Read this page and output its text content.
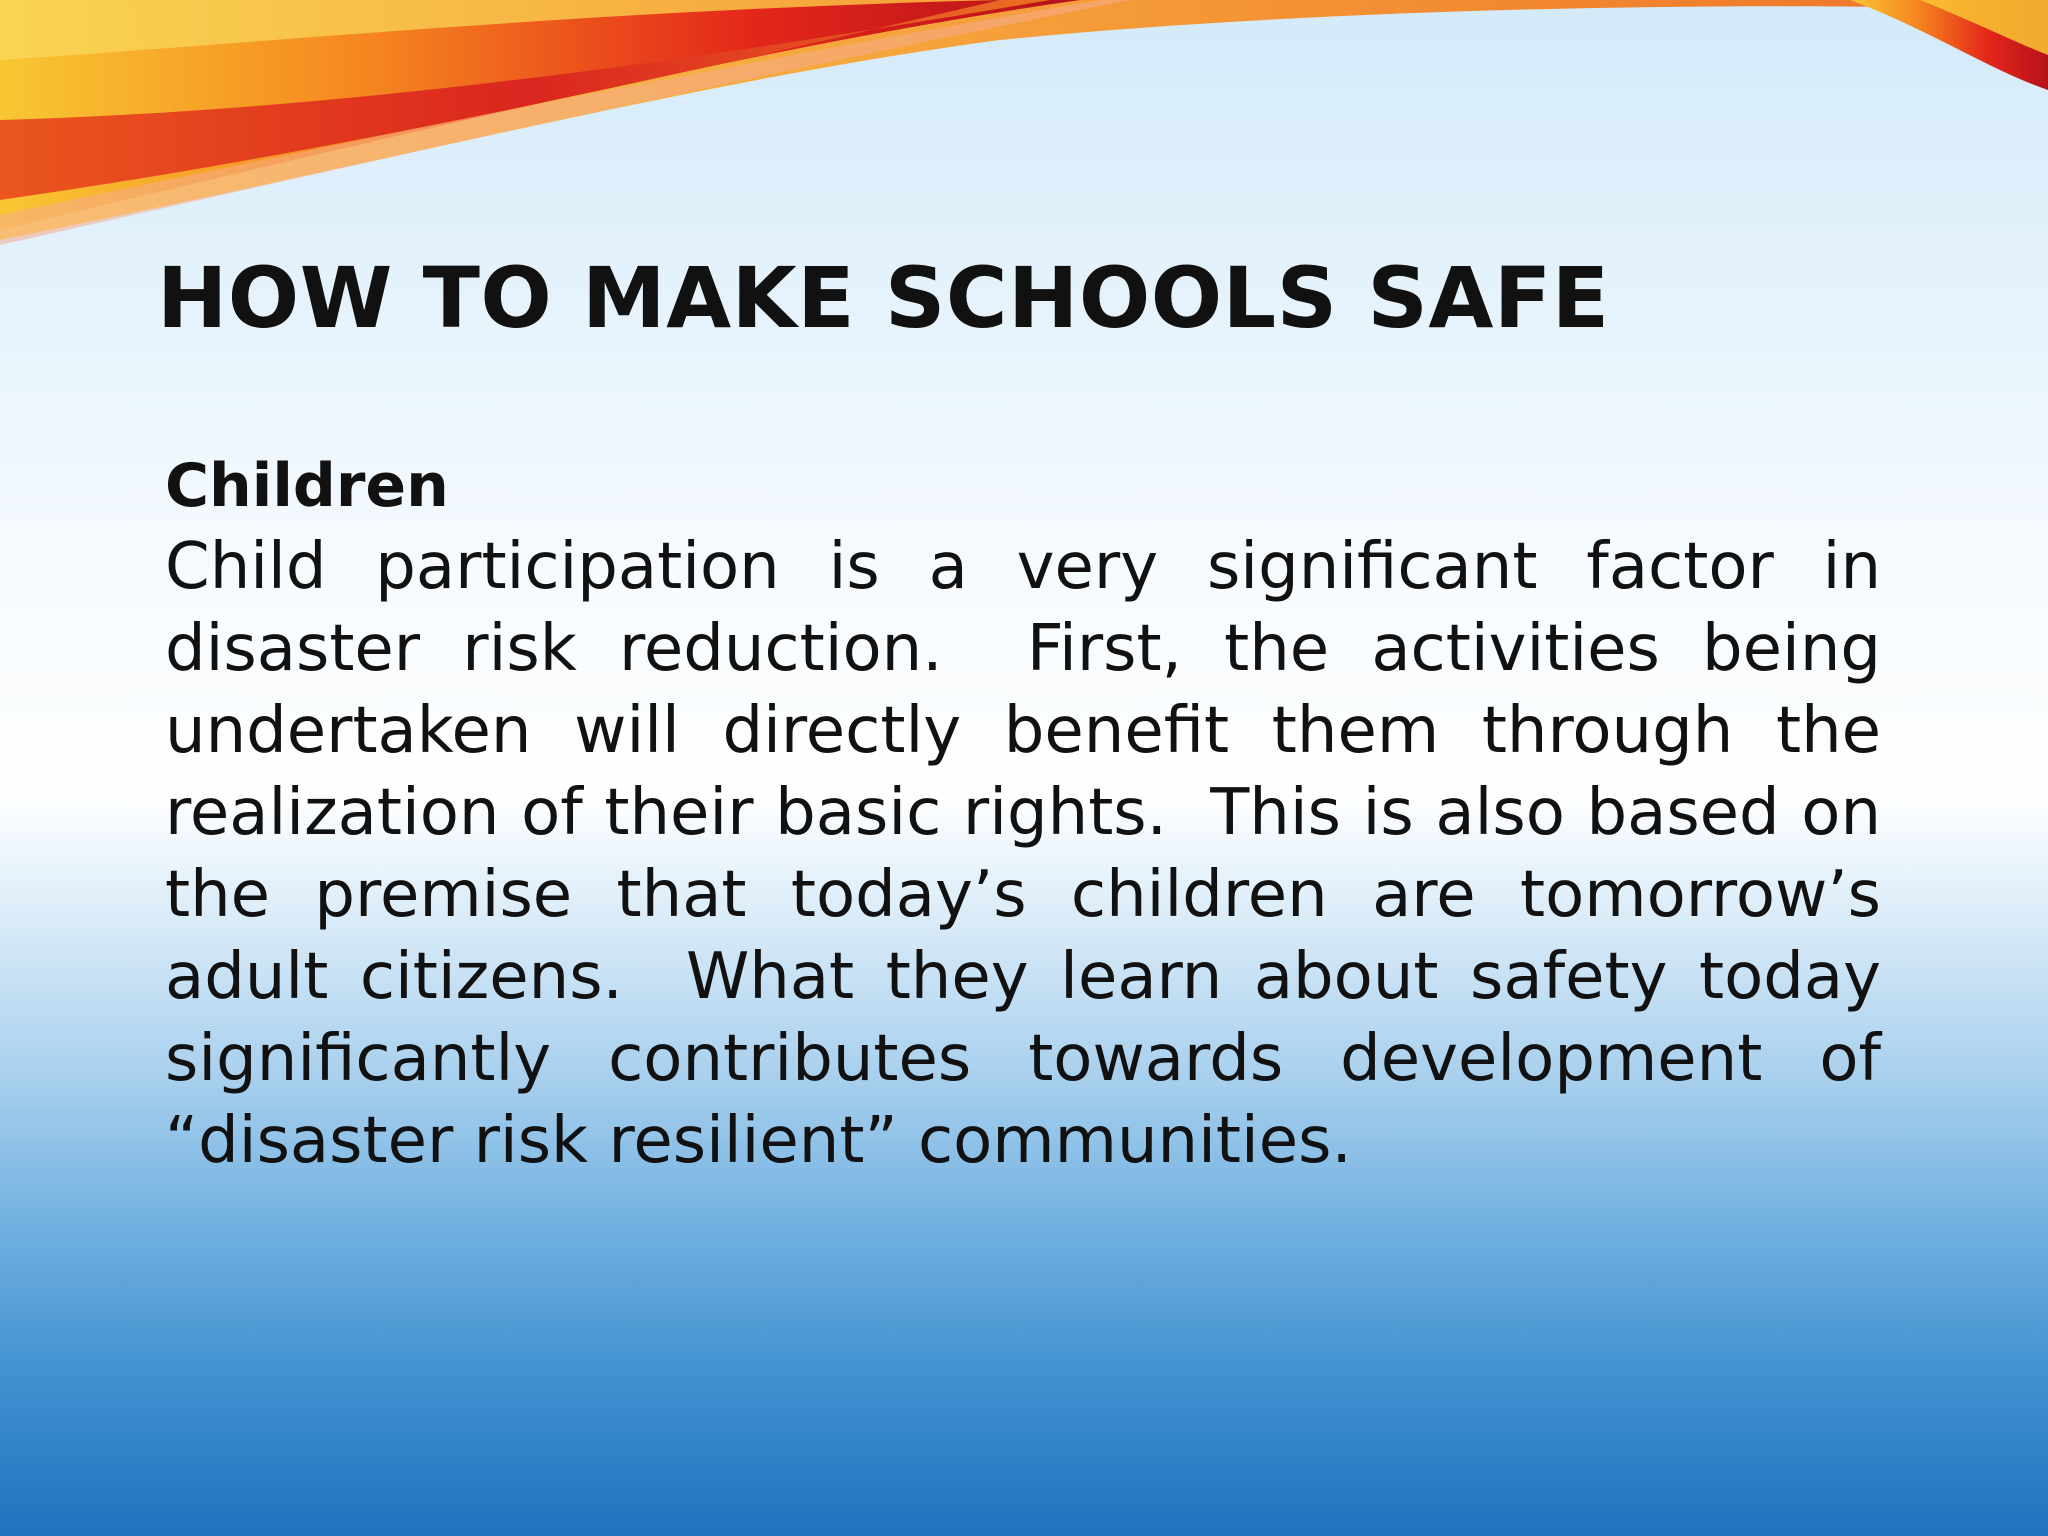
HOW TO MAKE SCHOOLS SAFE

Children

Child participation is a very significant factor in disaster risk reduction.  First, the activities being undertaken will directly benefit them through the realization of their basic rights.  This is also based on the premise that today’s children are tomorrow’s adult citizens.  What they learn about safety today significantly contributes towards development of “disaster risk resilient” communities.
